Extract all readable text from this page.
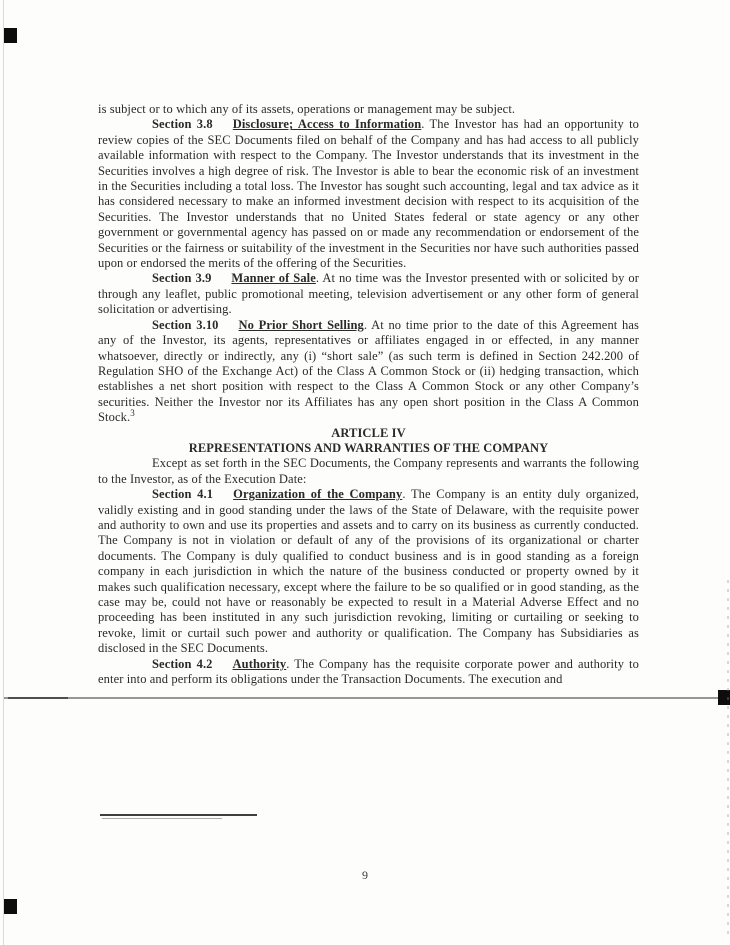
is subject or to which any of its assets, operations or management may be subject.

Section 3.8 Disclosure; Access to Information. The Investor has had an opportunity to review copies of the SEC Documents filed on behalf of the Company and has had access to all publicly available information with respect to the Company. The Investor understands that its investment in the Securities involves a high degree of risk. The Investor is able to bear the economic risk of an investment in the Securities including a total loss. The Investor has sought such accounting, legal and tax advice as it has considered necessary to make an informed investment decision with respect to its acquisition of the Securities. The Investor understands that no United States federal or state agency or any other government or governmental agency has passed on or made any recommendation or endorsement of the Securities or the fairness or suitability of the investment in the Securities nor have such authorities passed upon or endorsed the merits of the offering of the Securities.

Section 3.9 Manner of Sale. At no time was the Investor presented with or solicited by or through any leaflet, public promotional meeting, television advertisement or any other form of general solicitation or advertising.

Section 3.10 No Prior Short Selling. At no time prior to the date of this Agreement has any of the Investor, its agents, representatives or affiliates engaged in or effected, in any manner whatsoever, directly or indirectly, any (i) “short sale” (as such term is defined in Section 242.200 of Regulation SHO of the Exchange Act) of the Class A Common Stock or (ii) hedging transaction, which establishes a net short position with respect to the Class A Common Stock or any other Company’s securities. Neither the Investor nor its Affiliates has any open short position in the Class A Common Stock.$^3$

ARTICLE IV

REPRESENTATIONS AND WARRANTIES OF THE COMPANY

Except as set forth in the SEC Documents, the Company represents and warrants the following to the Investor, as of the Execution Date:

Section 4.1 Organization of the Company. The Company is an entity duly organized, validly existing and in good standing under the laws of the State of Delaware, with the requisite power and authority to own and use its properties and assets and to carry on its business as currently conducted. The Company is not in violation or default of any of the provisions of its organizational or charter documents. The Company is duly qualified to conduct business and is in good standing as a foreign company in each jurisdiction in which the nature of the business conducted or property owned by it makes such qualification necessary, except where the failure to be so qualified or in good standing, as the case may be, could not have or reasonably be expected to result in a Material Adverse Effect and no proceeding has been instituted in any such jurisdiction revoking, limiting or curtailing or seeking to revoke, limit or curtail such power and authority or qualification. The Company has Subsidiaries as disclosed in the SEC Documents.

Section 4.2 Authority. The Company has the requisite corporate power and authority to enter into and perform its obligations under the Transaction Documents. The execution and

9
